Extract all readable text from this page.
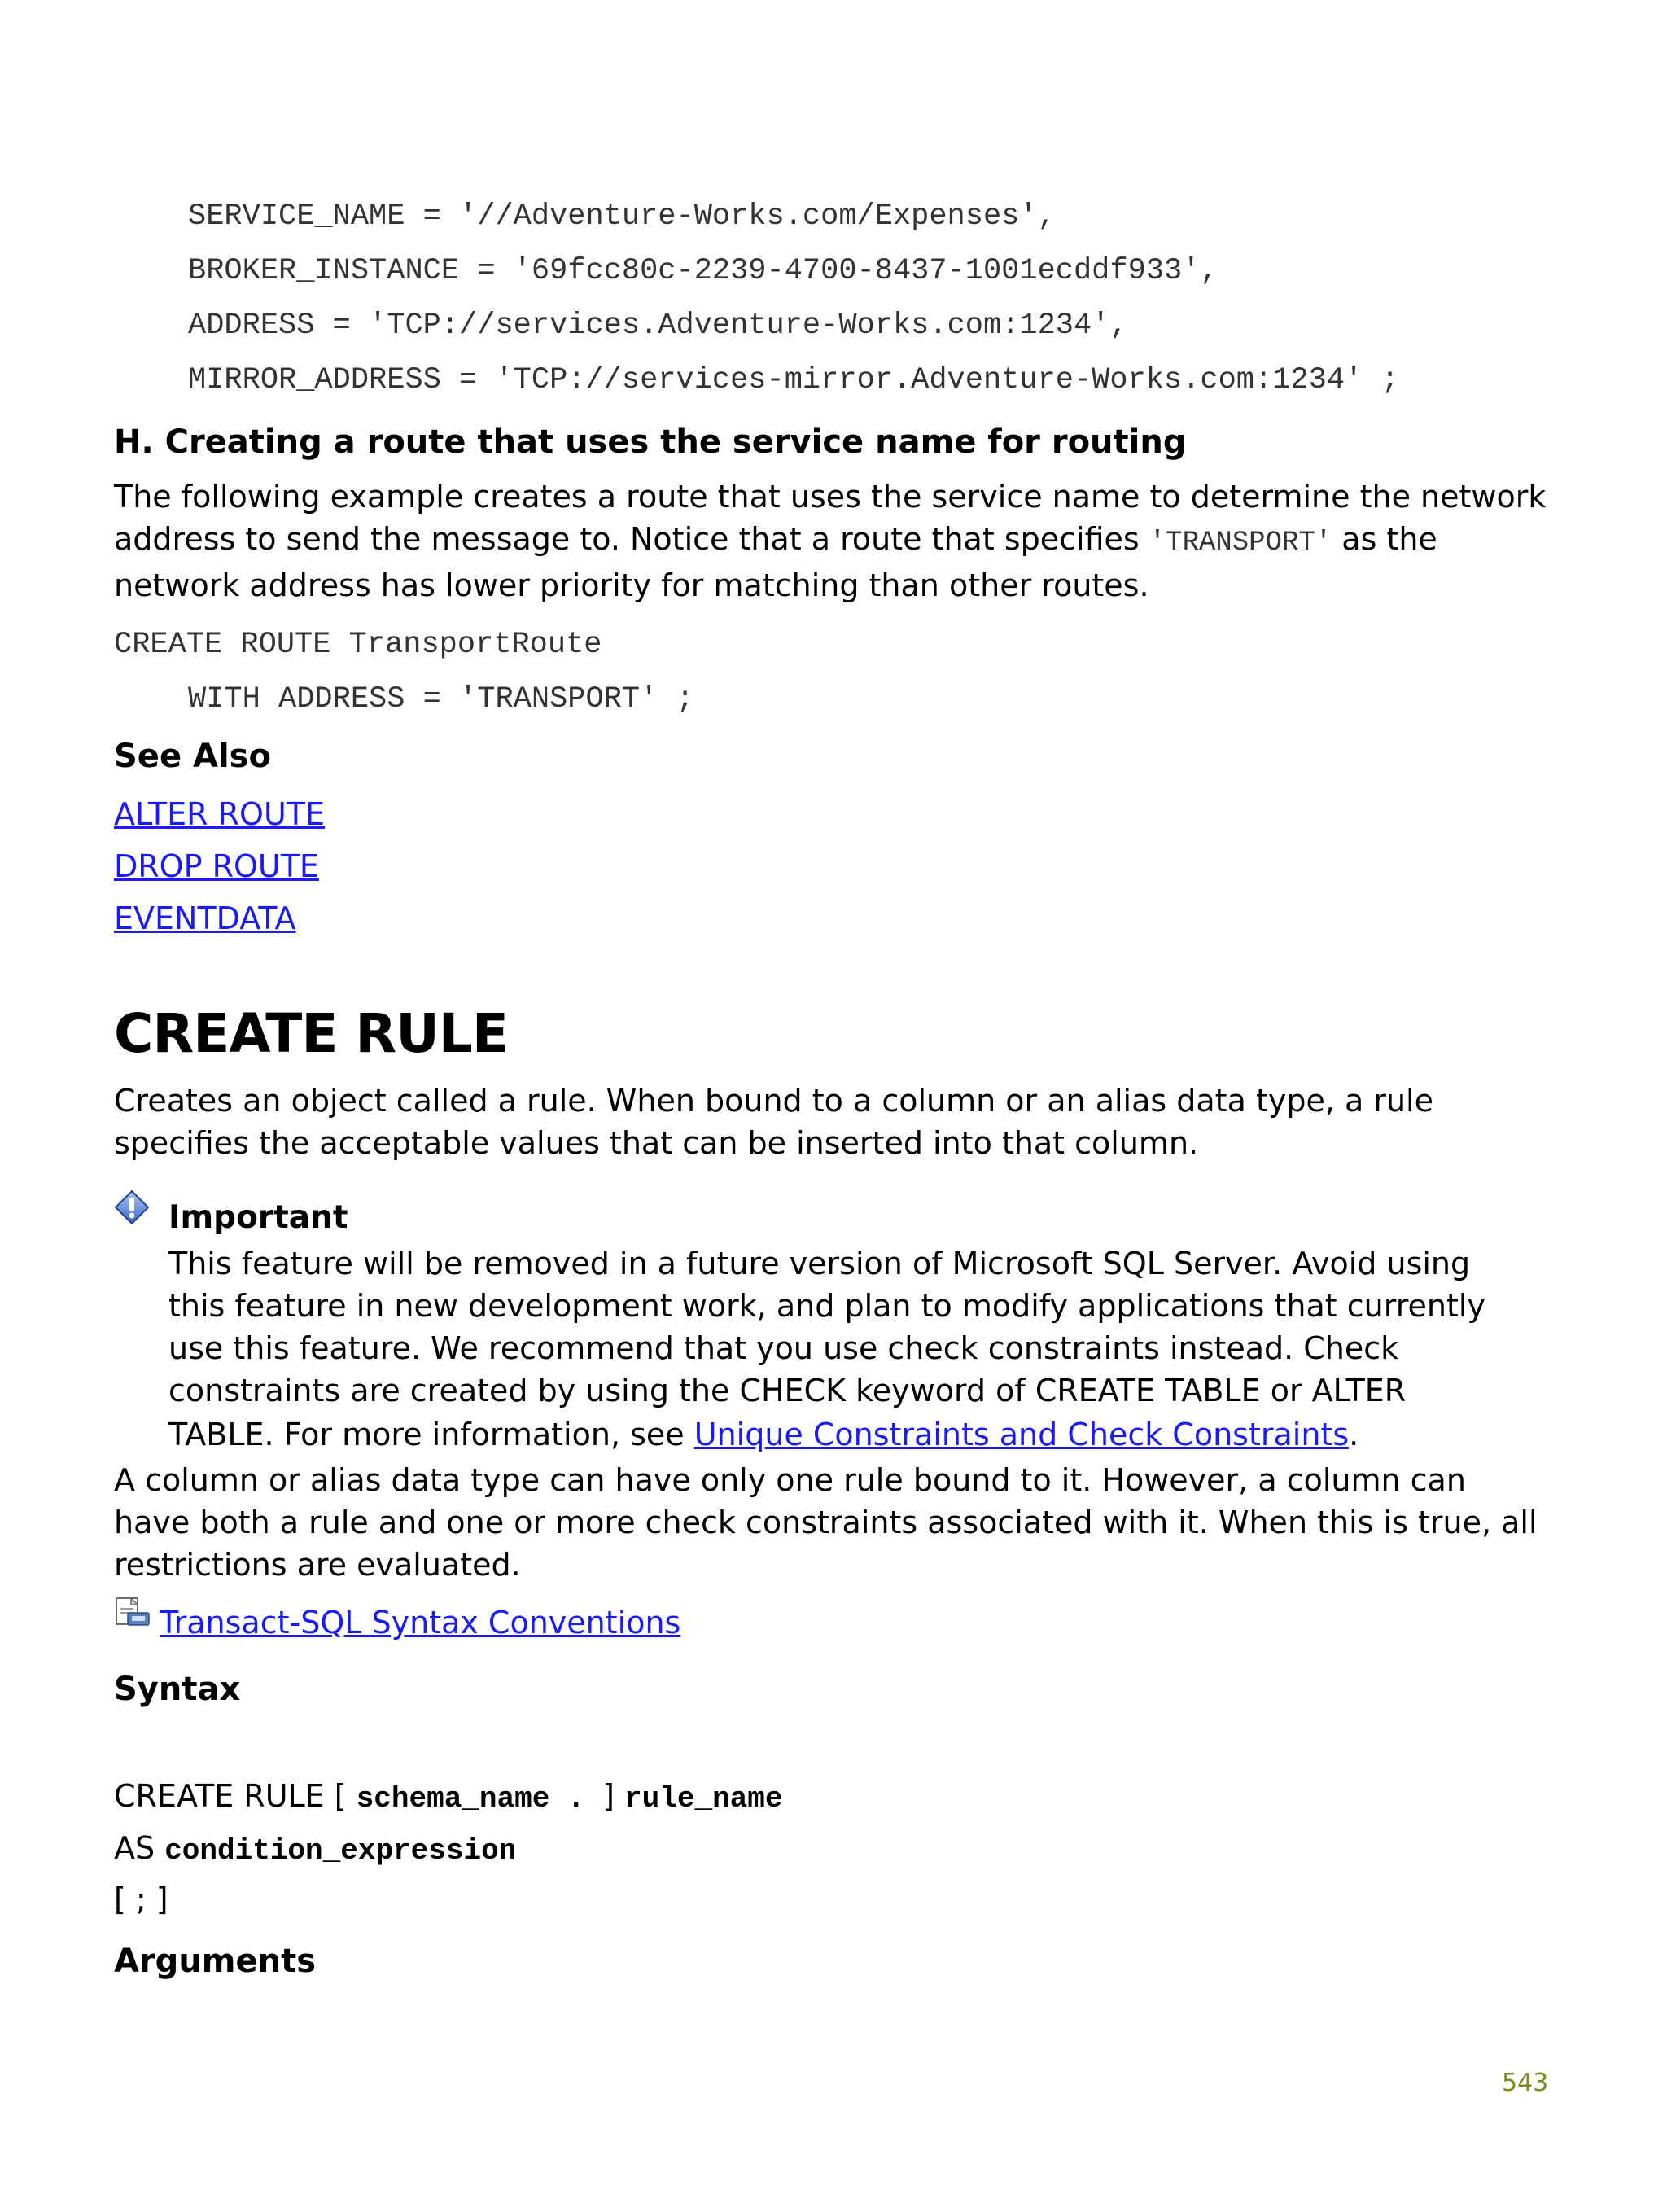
SERVICE_NAME = '//Adventure-Works.com/Expenses',
BROKER_INSTANCE = '69fcc80c-2239-4700-8437-1001ecddf933',
ADDRESS = 'TCP://services.Adventure-Works.com:1234',
MIRROR_ADDRESS = 'TCP://services-mirror.Adventure-Works.com:1234' ;
H. Creating a route that uses the service name for routing
The following example creates a route that uses the service name to determine the network address to send the message to. Notice that a route that specifies 'TRANSPORT' as the network address has lower priority for matching than other routes.
CREATE ROUTE TransportRoute
WITH ADDRESS = 'TRANSPORT' ;
See Also
ALTER ROUTE
DROP ROUTE
EVENTDATA
CREATE RULE
Creates an object called a rule. When bound to a column or an alias data type, a rule specifies the acceptable values that can be inserted into that column.
Important
This feature will be removed in a future version of Microsoft SQL Server. Avoid using this feature in new development work, and plan to modify applications that currently use this feature. We recommend that you use check constraints instead. Check constraints are created by using the CHECK keyword of CREATE TABLE or ALTER TABLE. For more information, see Unique Constraints and Check Constraints.
A column or alias data type can have only one rule bound to it. However, a column can have both a rule and one or more check constraints associated with it. When this is true, all restrictions are evaluated.
Transact-SQL Syntax Conventions
Syntax
CREATE RULE [ schema_name . ] rule_name
AS condition_expression
[ ; ]
Arguments
543
